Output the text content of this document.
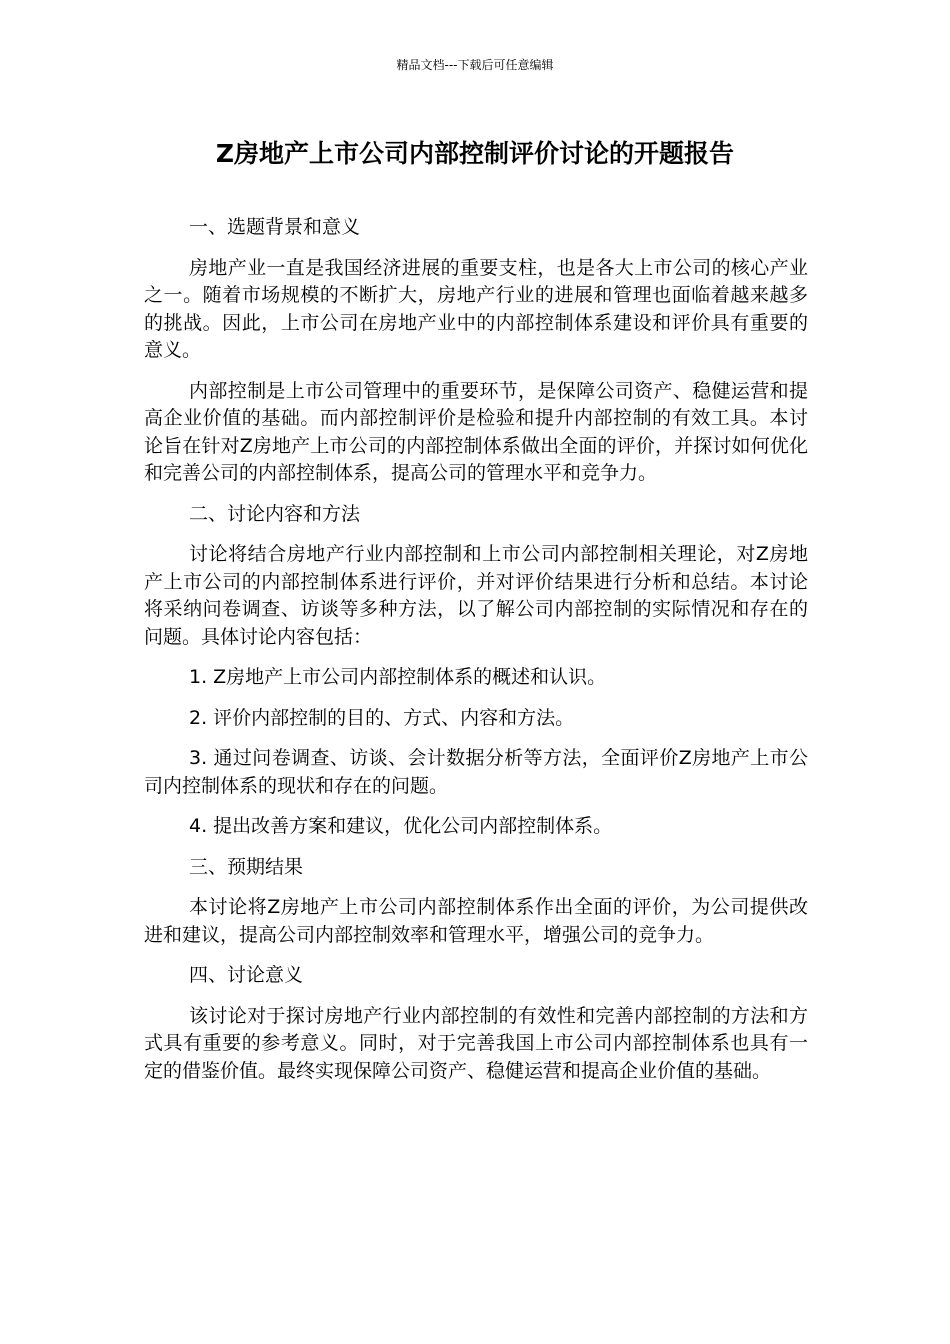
精品文档---下载后可任意编辑
Z房地产上市公司内部控制评价讨论的开题报告

一、选题背景和意义

房地产业一直是我国经济进展的重要支柱，也是各大上市公司的核心产业之一。随着市场规模的不断扩大，房地产行业的进展和管理也面临着越来越多的挑战。因此，上市公司在房地产业中的内部控制体系建设和评价具有重要的意义。

内部控制是上市公司管理中的重要环节，是保障公司资产、稳健运营和提高企业价值的基础。而内部控制评价是检验和提升内部控制的有效工具。本讨论旨在针对Z房地产上市公司的内部控制体系做出全面的评价，并探讨如何优化和完善公司的内部控制体系，提高公司的管理水平和竞争力。

二、讨论内容和方法

讨论将结合房地产行业内部控制和上市公司内部控制相关理论，对Z房地产上市公司的内部控制体系进行评价，并对评价结果进行分析和总结。本讨论将采纳问卷调查、访谈等多种方法，以了解公司内部控制的实际情况和存在的问题。具体讨论内容包括：

1. Z房地产上市公司内部控制体系的概述和认识。

2. 评价内部控制的目的、方式、内容和方法。

3. 通过问卷调查、访谈、会计数据分析等方法，全面评价Z房地产上市公司内控制体系的现状和存在的问题。

4. 提出改善方案和建议，优化公司内部控制体系。

三、预期结果

本讨论将Z房地产上市公司内部控制体系作出全面的评价，为公司提供改进和建议，提高公司内部控制效率和管理水平，增强公司的竞争力。

四、讨论意义

该讨论对于探讨房地产行业内部控制的有效性和完善内部控制的方法和方式具有重要的参考意义。同时，对于完善我国上市公司内部控制体系也具有一定的借鉴价值。最终实现保障公司资产、稳健运营和提高企业价值的基础。
